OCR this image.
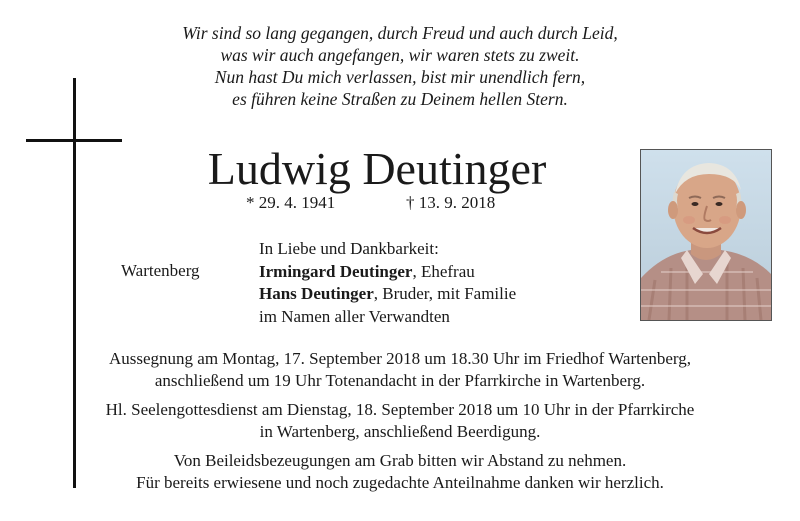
Wir sind so lang gegangen, durch Freud und auch durch Leid,
was wir auch angefangen, wir waren stets zu zweit.
Nun hast Du mich verlassen, bist mir unendlich fern,
es führen keine Straßen zu Deinem hellen Stern.
Ludwig Deutinger
* 29. 4. 1941	† 13. 9. 2018
Wartenberg
In Liebe und Dankbarkeit:
Irmingard Deutinger, Ehefrau
Hans Deutinger, Bruder, mit Familie
im Namen aller Verwandten
Aussegnung am Montag, 17. September 2018 um 18.30 Uhr im Friedhof Wartenberg,
anschließend um 19 Uhr Totenandacht in der Pfarrkirche in Wartenberg.
Hl. Seelengottesdienst am Dienstag, 18. September 2018 um 10 Uhr in der Pfarrkirche
in Wartenberg, anschließend Beerdigung.
Von Beileidsbezeugungen am Grab bitten wir Abstand zu nehmen.
Für bereits erwiesene und noch zugedachte Anteilnahme danken wir herzlich.
